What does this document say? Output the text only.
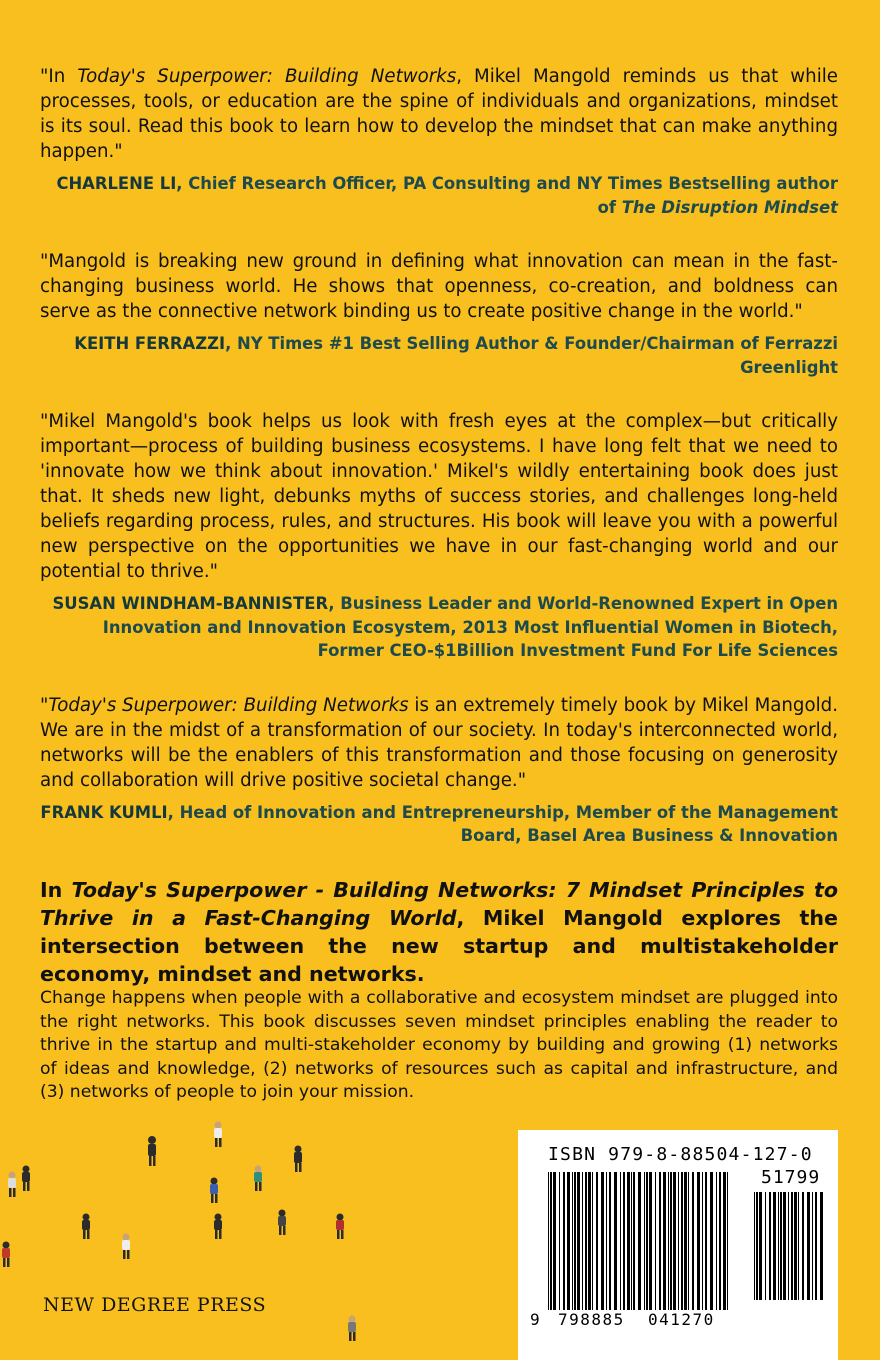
"In Today's Superpower: Building Networks, Mikel Mangold reminds us that while processes, tools, or education are the spine of individuals and organizations, mindset is its soul. Read this book to learn how to develop the mindset that can make anything happen."

CHARLENE LI, Chief Research Officer, PA Consulting and NY Times Bestselling author of The Disruption Mindset

"Mangold is breaking new ground in defining what innovation can mean in the fast-changing business world. He shows that openness, co-creation, and boldness can serve as the connective network binding us to create positive change in the world."

KEITH FERRAZZI, NY Times #1 Best Selling Author & Founder/Chairman of Ferrazzi Greenlight

"Mikel Mangold's book helps us look with fresh eyes at the complex—but critically important—process of building business ecosystems. I have long felt that we need to 'innovate how we think about innovation.' Mikel's wildly entertaining book does just that. It sheds new light, debunks myths of success stories, and challenges long-held beliefs regarding process, rules, and structures. His book will leave you with a powerful new perspective on the opportunities we have in our fast-changing world and our potential to thrive."

SUSAN WINDHAM-BANNISTER, Business Leader and World-Renowned Expert in Open Innovation and Innovation Ecosystem, 2013 Most Influential Women in Biotech, Former CEO-$1Billion Investment Fund For Life Sciences

"Today's Superpower: Building Networks is an extremely timely book by Mikel Mangold. We are in the midst of a transformation of our society. In today's interconnected world, networks will be the enablers of this transformation and those focusing on generosity and collaboration will drive positive societal change."

FRANK KUMLI, Head of Innovation and Entrepreneurship, Member of the Management Board, Basel Area Business & Innovation

In Today's Superpower - Building Networks: 7 Mindset Principles to Thrive in a Fast-Changing World, Mikel Mangold explores the intersection between the new startup and multistakeholder economy, mindset and networks.

Change happens when people with a collaborative and ecosystem mindset are plugged into the right networks. This book discusses seven mindset principles enabling the reader to thrive in the startup and multi-stakeholder economy by building and growing (1) networks of ideas and knowledge, (2) networks of resources such as capital and infrastructure, and (3) networks of people to join your mission.

NEW DEGREE PRESS
ISBN 979-8-88504-127-0
51799
9 798885 041270
